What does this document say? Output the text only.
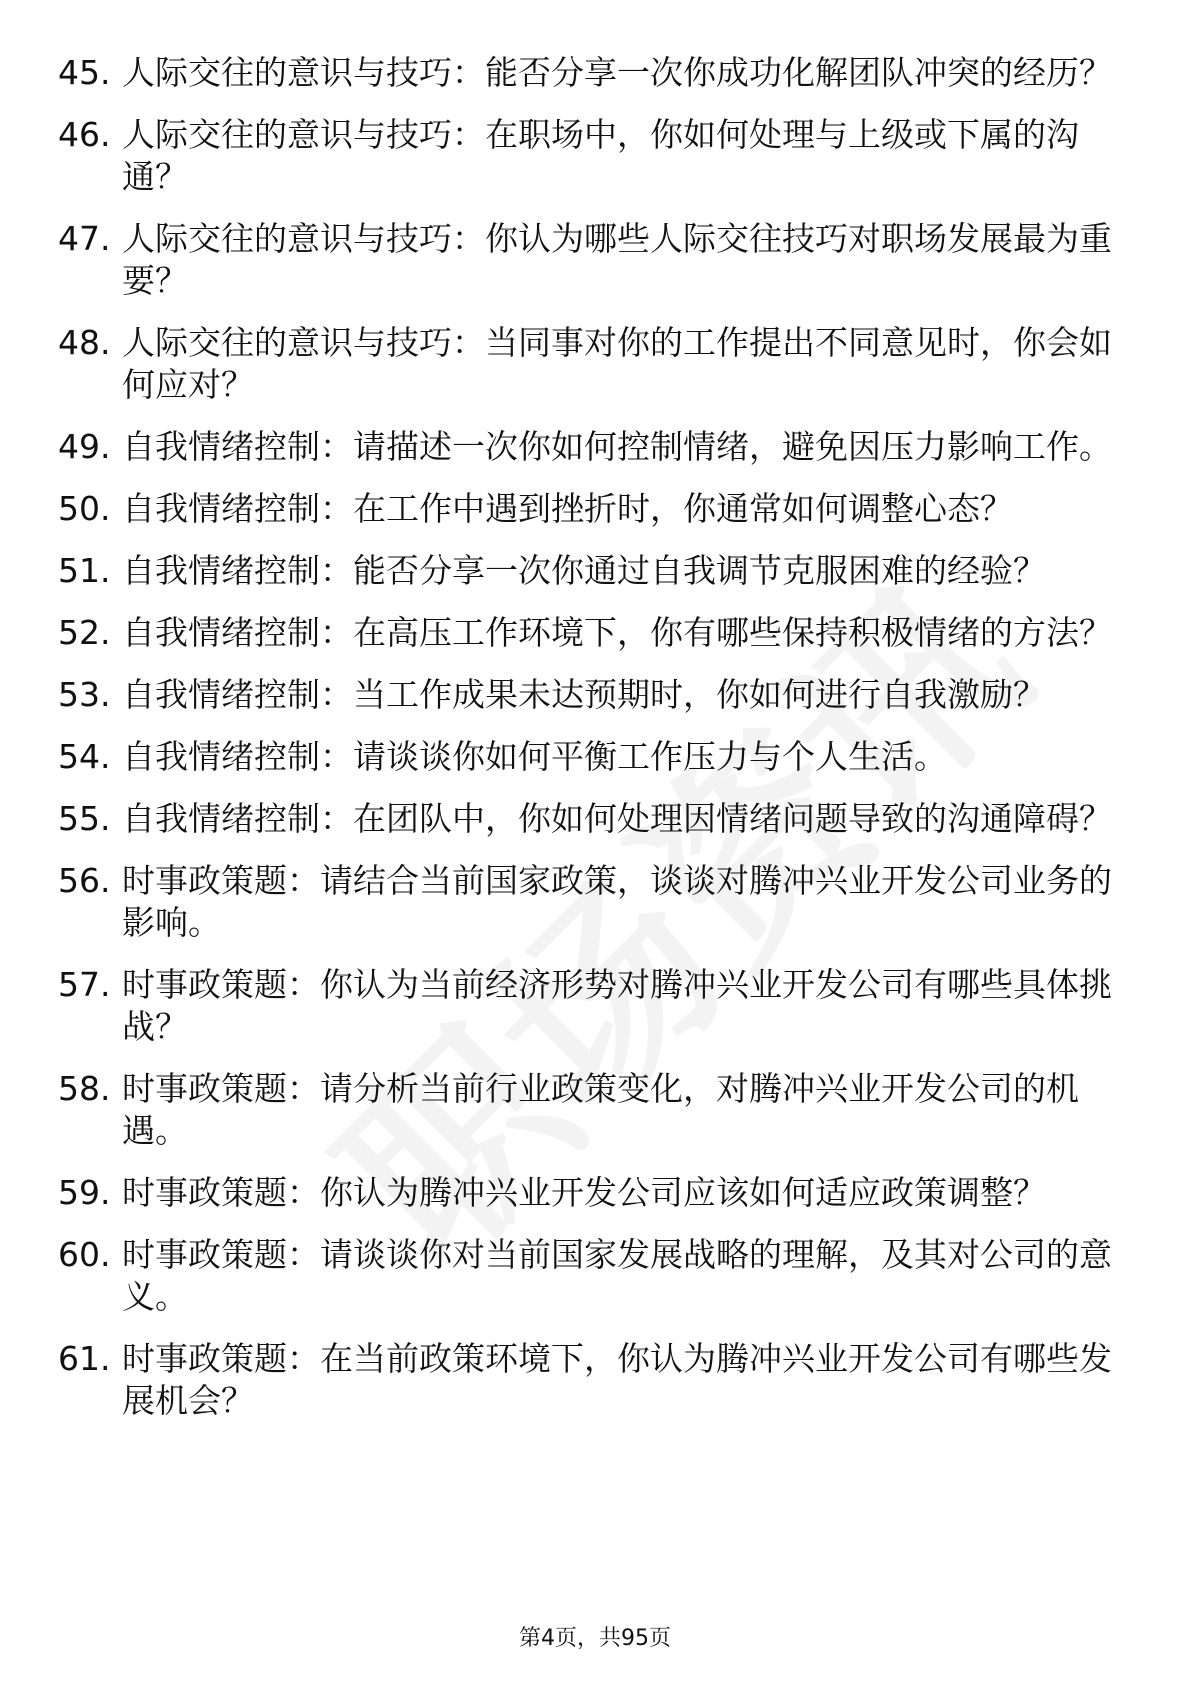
45. 人际交往的意识与技巧：能否分享一次你成功化解团队冲突的经历？
46. 人际交往的意识与技巧：在职场中，你如何处理与上级或下属的沟通？
47. 人际交往的意识与技巧：你认为哪些人际交往技巧对职场发展最为重要？
48. 人际交往的意识与技巧：当同事对你的工作提出不同意见时，你会如何应对？
49. 自我情绪控制：请描述一次你如何控制情绪，避免因压力影响工作。
50. 自我情绪控制：在工作中遇到挫折时，你通常如何调整心态？
51. 自我情绪控制：能否分享一次你通过自我调节克服困难的经验？
52. 自我情绪控制：在高压工作环境下，你有哪些保持积极情绪的方法？
53. 自我情绪控制：当工作成果未达预期时，你如何进行自我激励？
54. 自我情绪控制：请谈谈你如何平衡工作压力与个人生活。
55. 自我情绪控制：在团队中，你如何处理因情绪问题导致的沟通障碍？
56. 时事政策题：请结合当前国家政策，谈谈对腾冲兴业开发公司业务的影响。
57. 时事政策题：你认为当前经济形势对腾冲兴业开发公司有哪些具体挑战？
58. 时事政策题：请分析当前行业政策变化，对腾冲兴业开发公司的机遇。
59. 时事政策题：你认为腾冲兴业开发公司应该如何适应政策调整？
60. 时事政策题：请谈谈你对当前国家发展战略的理解，及其对公司的意义。
61. 时事政策题：在当前政策环境下，你认为腾冲兴业开发公司有哪些发展机会？
第4页，共95页
